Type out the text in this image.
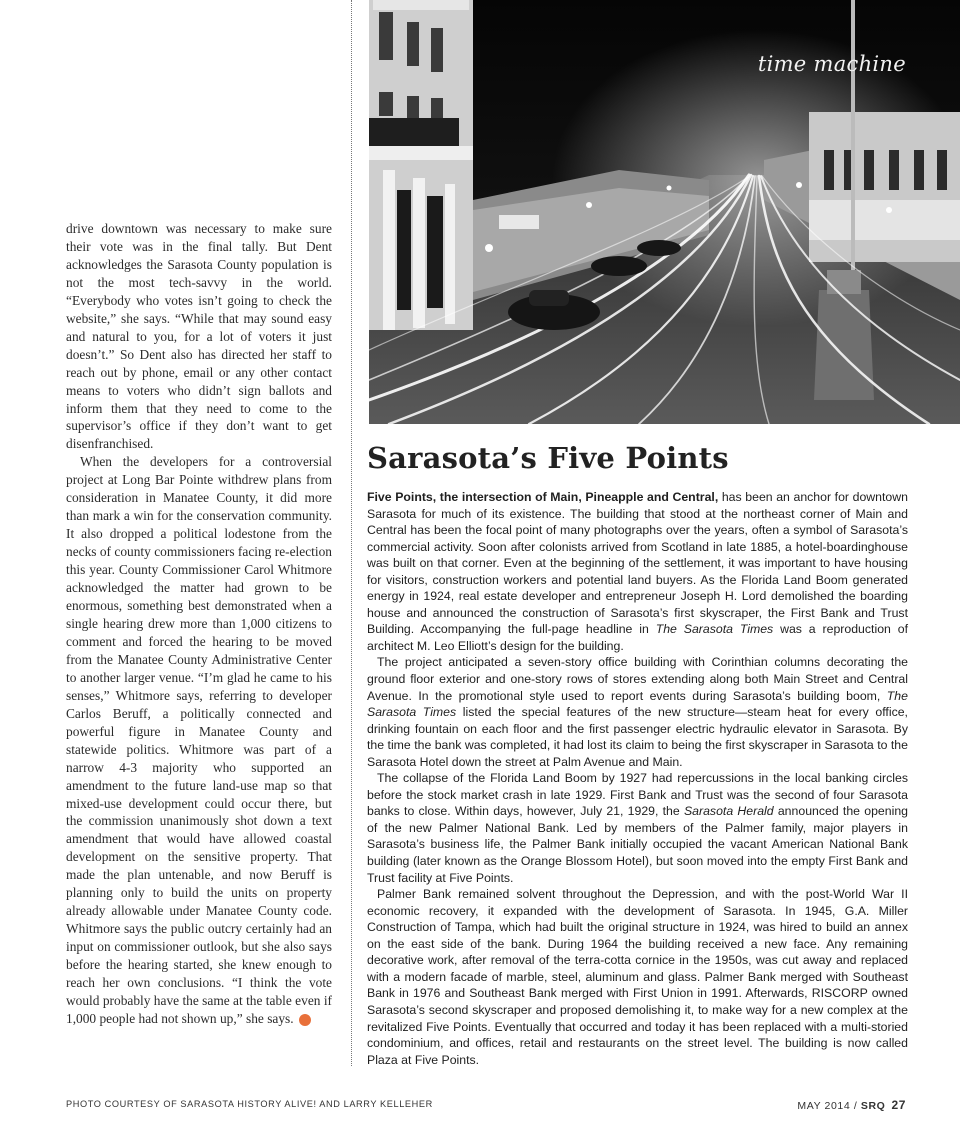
drive downtown was necessary to make sure their vote was in the final tally. But Dent acknowledges the Sarasota County population is not the most tech-savvy in the world. “Everybody who votes isn’t going to check the website,” she says. “While that may sound easy and natural to you, for a lot of voters it just doesn’t.” So Dent also has directed her staff to reach out by phone, email or any other contact means to voters who didn’t sign ballots and inform them that they need to come to the supervisor’s office if they don’t want to get disenfranchised.

When the developers for a controversial project at Long Bar Pointe withdrew plans from consideration in Manatee County, it did more than mark a win for the conservation community. It also dropped a political lodestone from the necks of county commissioners facing re-election this year. County Commissioner Carol Whitmore acknowledged the matter had grown to be enormous, something best demonstrated when a single hearing drew more than 1,000 citizens to comment and forced the hearing to be moved from the Manatee County Administrative Center to another larger venue. “I’m glad he came to his senses,” Whitmore says, referring to developer Carlos Beruff, a politically connected and powerful figure in Manatee County and statewide politics. Whitmore was part of a narrow 4-3 majority who supported an amendment to the future land-use map so that mixed-use development could occur there, but the commission unanimously shot down a text amendment that would have allowed coastal development on the sensitive property. That made the plan untenable, and now Beruff is planning only to build the units on property already allowable under Manatee County code. Whitmore says the public outcry certainly had an input on commissioner outlook, but she also says before the hearing started, she knew enough to reach her own conclusions. “I think the vote would probably have the same at the table even if 1,000 people had not shown up,” she says. S

time machine
Sarasota’s Five Points

Five Points, the intersection of Main, Pineapple and Central, has been an anchor for downtown Sarasota for much of its existence. The building that stood at the northeast corner of Main and Central has been the focal point of many photographs over the years, often a symbol of Sarasota’s commercial activity. Soon after colonists arrived from Scotland in late 1885, a hotel-boardinghouse was built on that corner. Even at the beginning of the settlement, it was important to have housing for visitors, construction workers and potential land buyers. As the Florida Land Boom generated energy in 1924, real estate developer and entrepreneur Joseph H. Lord demolished the boarding house and announced the construction of Sarasota’s first skyscraper, the First Bank and Trust Building. Accompanying the full-page headline in The Sarasota Times was a reproduction of architect M. Leo Elliott’s design for the building.

The project anticipated a seven-story office building with Corinthian columns decorating the ground floor exterior and one-story rows of stores extending along both Main Street and Central Avenue. In the promotional style used to report events during Sarasota’s building boom, The Sarasota Times listed the special features of the new structure—steam heat for every office, drinking fountain on each floor and the first passenger electric hydraulic elevator in Sarasota. By the time the bank was completed, it had lost its claim to being the first skyscraper in Sarasota to the Sarasota Hotel down the street at Palm Avenue and Main.

The collapse of the Florida Land Boom by 1927 had repercussions in the local banking circles before the stock market crash in late 1929. First Bank and Trust was the second of four Sarasota banks to close. Within days, however, July 21, 1929, the Sarasota Herald announced the opening of the new Palmer National Bank. Led by members of the Palmer family, major players in Sarasota’s business life, the Palmer Bank initially occupied the vacant American National Bank building (later known as the Orange Blossom Hotel), but soon moved into the empty First Bank and Trust facility at Five Points.

Palmer Bank remained solvent throughout the Depression, and with the post-World War II economic recovery, it expanded with the development of Sarasota. In 1945, G.A. Miller Construction of Tampa, which had built the original structure in 1924, was hired to build an annex on the east side of the bank. During 1964 the building received a new face. Any remaining decorative work, after removal of the terra-cotta cornice in the 1950s, was cut away and replaced with a modern facade of marble, steel, aluminum and glass. Palmer Bank merged with Southeast Bank in 1976 and Southeast Bank merged with First Union in 1991. Afterwards, RISCORP owned Sarasota’s second skyscraper and proposed demolishing it, to make way for a new complex at the revitalized Five Points. Eventually that occurred and today it has been replaced with a multi-storied condominium, and offices, retail and restaurants on the street level. The building is now called Plaza at Five Points.

PHOTO COURTESY OF SARASOTA HISTORY ALIVE! AND LARRY KELLEHER	MAY 2014 / SRQ 27
